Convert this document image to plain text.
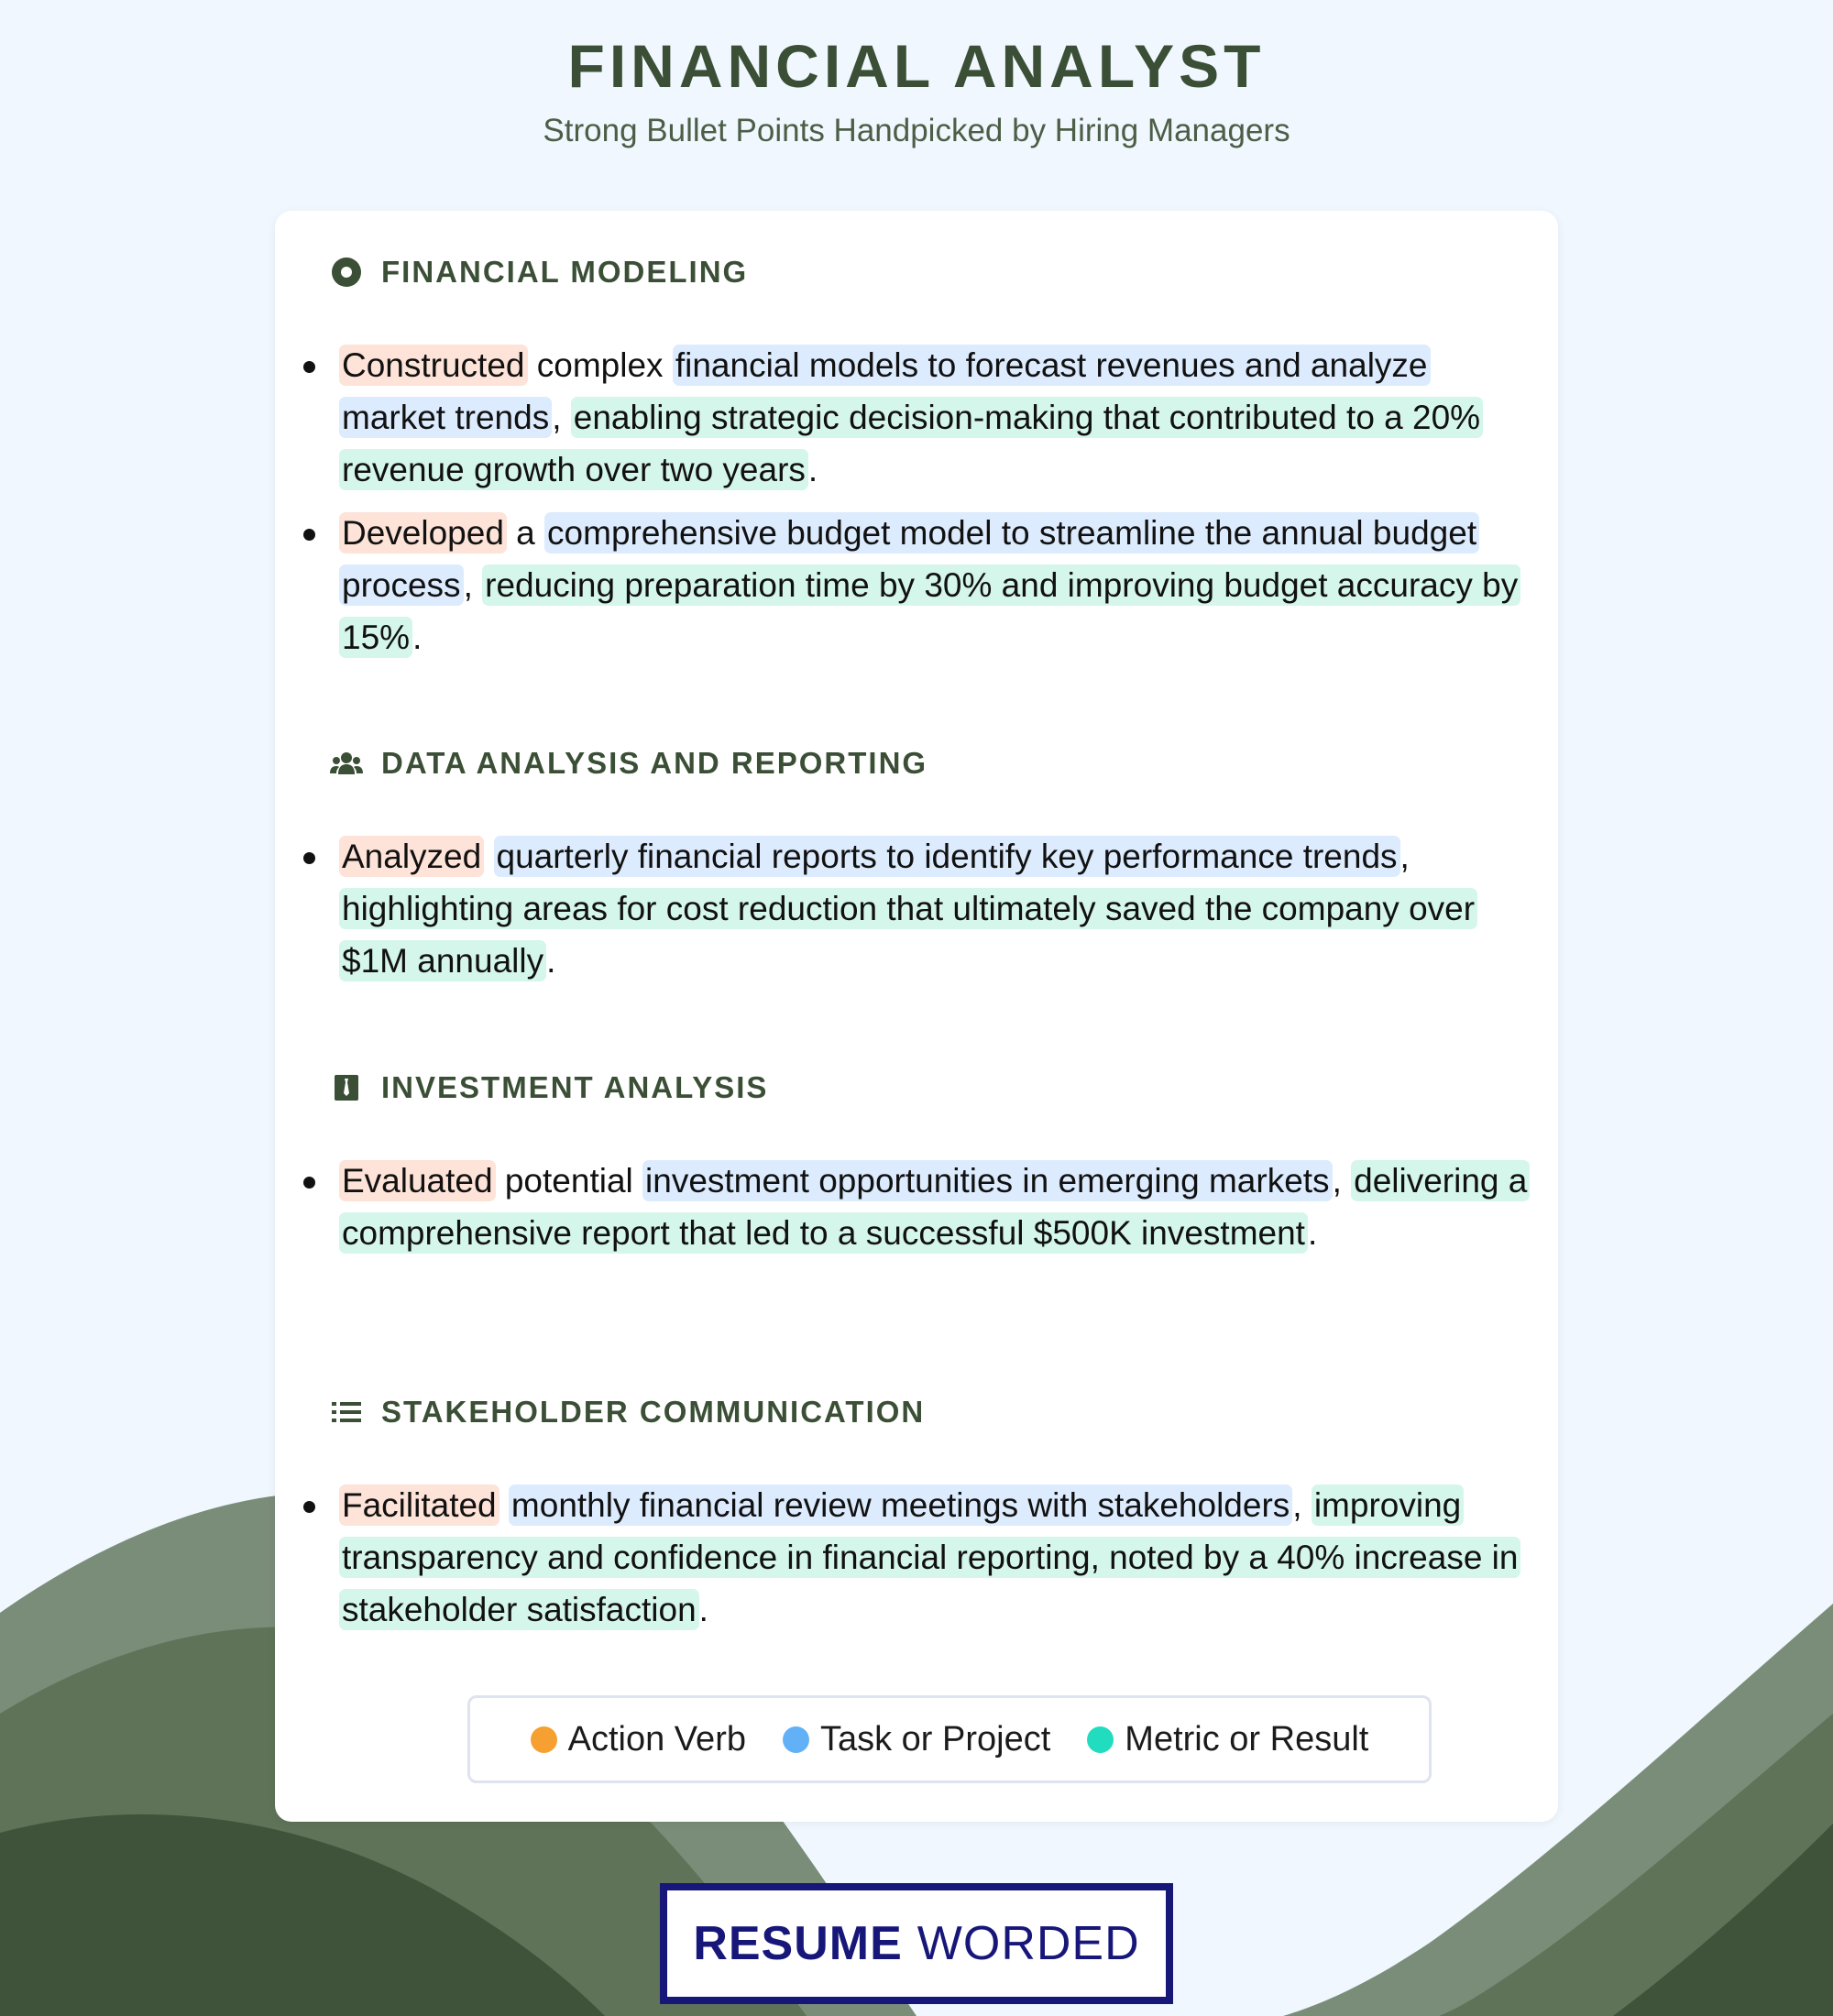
FINANCIAL ANALYST
Strong Bullet Points Handpicked by Hiring Managers
FINANCIAL MODELING
Constructed complex financial models to forecast revenues and analyze market trends, enabling strategic decision-making that contributed to a 20% revenue growth over two years.
Developed a comprehensive budget model to streamline the annual budget process, reducing preparation time by 30% and improving budget accuracy by 15%.
DATA ANALYSIS AND REPORTING
Analyzed quarterly financial reports to identify key performance trends, highlighting areas for cost reduction that ultimately saved the company over $1M annually.
INVESTMENT ANALYSIS
Evaluated potential investment opportunities in emerging markets, delivering a comprehensive report that led to a successful $500K investment.
STAKEHOLDER COMMUNICATION
Facilitated monthly financial review meetings with stakeholders, improving transparency and confidence in financial reporting, noted by a 40% increase in stakeholder satisfaction.
Action Verb Task or Project Metric or Result
RESUME WORDED
